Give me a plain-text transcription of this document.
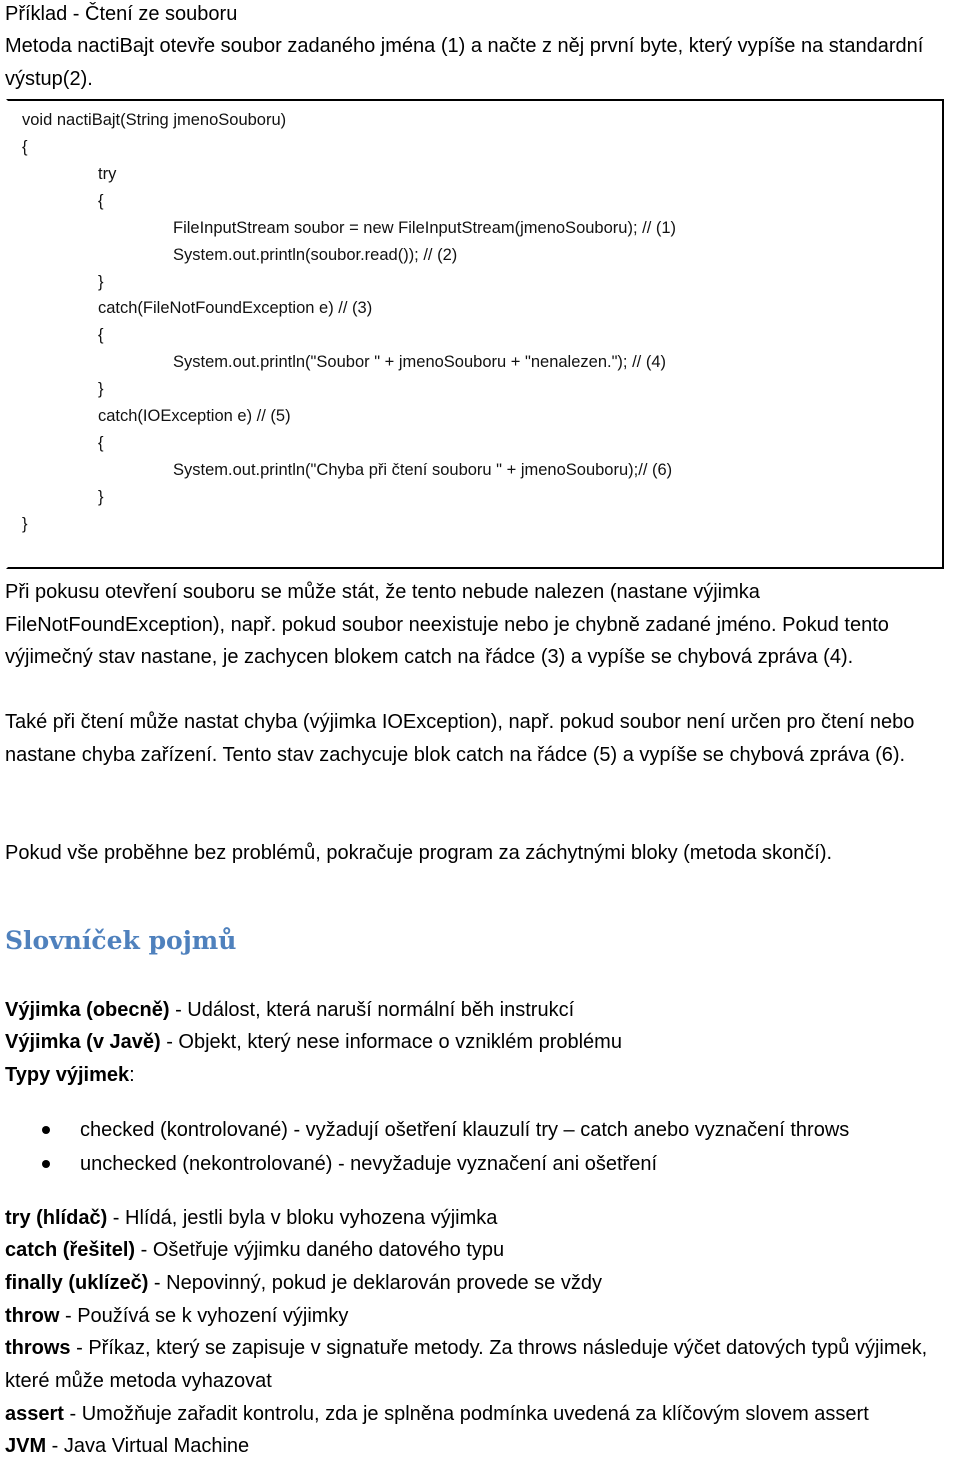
Příklad - Čtení ze souboru
Metoda nactiBajt otevře soubor zadaného jména (1) a načte z něj první byte, který vypíše na standardní výstup(2).
void nactiBajt(String jmenoSouboru)
{
try
{
FileInputStream soubor = new FileInputStream(jmenoSouboru); // (1)
System.out.println(soubor.read()); // (2)
}
catch(FileNotFoundException e) // (3)
{
System.out.println("Soubor " + jmenoSouboru + "nenalezen."); // (4)
}
catch(IOException e) // (5)
{
System.out.println("Chyba při čtení souboru " + jmenoSouboru);// (6)
}
}
Při pokusu otevření souboru se může stát, že tento nebude nalezen (nastane výjimka FileNotFoundException), např. pokud soubor neexistuje nebo je chybně zadané jméno. Pokud tento výjimečný stav nastane, je zachycen blokem catch na řádce (3) a vypíše se chybová zpráva (4).
Také při čtení může nastat chyba (výjimka IOException), např. pokud soubor není určen pro čtení nebo nastane chyba zařízení. Tento stav zachycuje blok catch na řádce (5) a vypíše se chybová zpráva (6).
Pokud vše proběhne bez problémů, pokračuje program za záchytnými bloky (metoda skončí).
Slovníček pojmů
Výjimka (obecně) - Událost, která naruší normální běh instrukcí
Výjimka (v Javě) - Objekt, který nese informace o vzniklém problému
Typy výjimek:
checked (kontrolované) - vyžadují ošetření klauzulí try – catch anebo vyznačení throws
unchecked (nekontrolované) - nevyžaduje vyznačení ani ošetření
try (hlídač) - Hlídá, jestli byla v bloku vyhozena výjimka
catch (řešitel) - Ošetřuje výjimku daného datového typu
finally (uklízeč) - Nepovinný, pokud je deklarován provede se vždy
throw - Používá se k vyhození výjimky
throws - Příkaz, který se zapisuje v signatuře metody. Za throws následuje výčet datových typů výjimek, které může metoda vyhazovat
assert - Umožňuje zařadit kontrolu, zda je splněna podmínka uvedená za klíčovým slovem assert
JVM - Java Virtual Machine
